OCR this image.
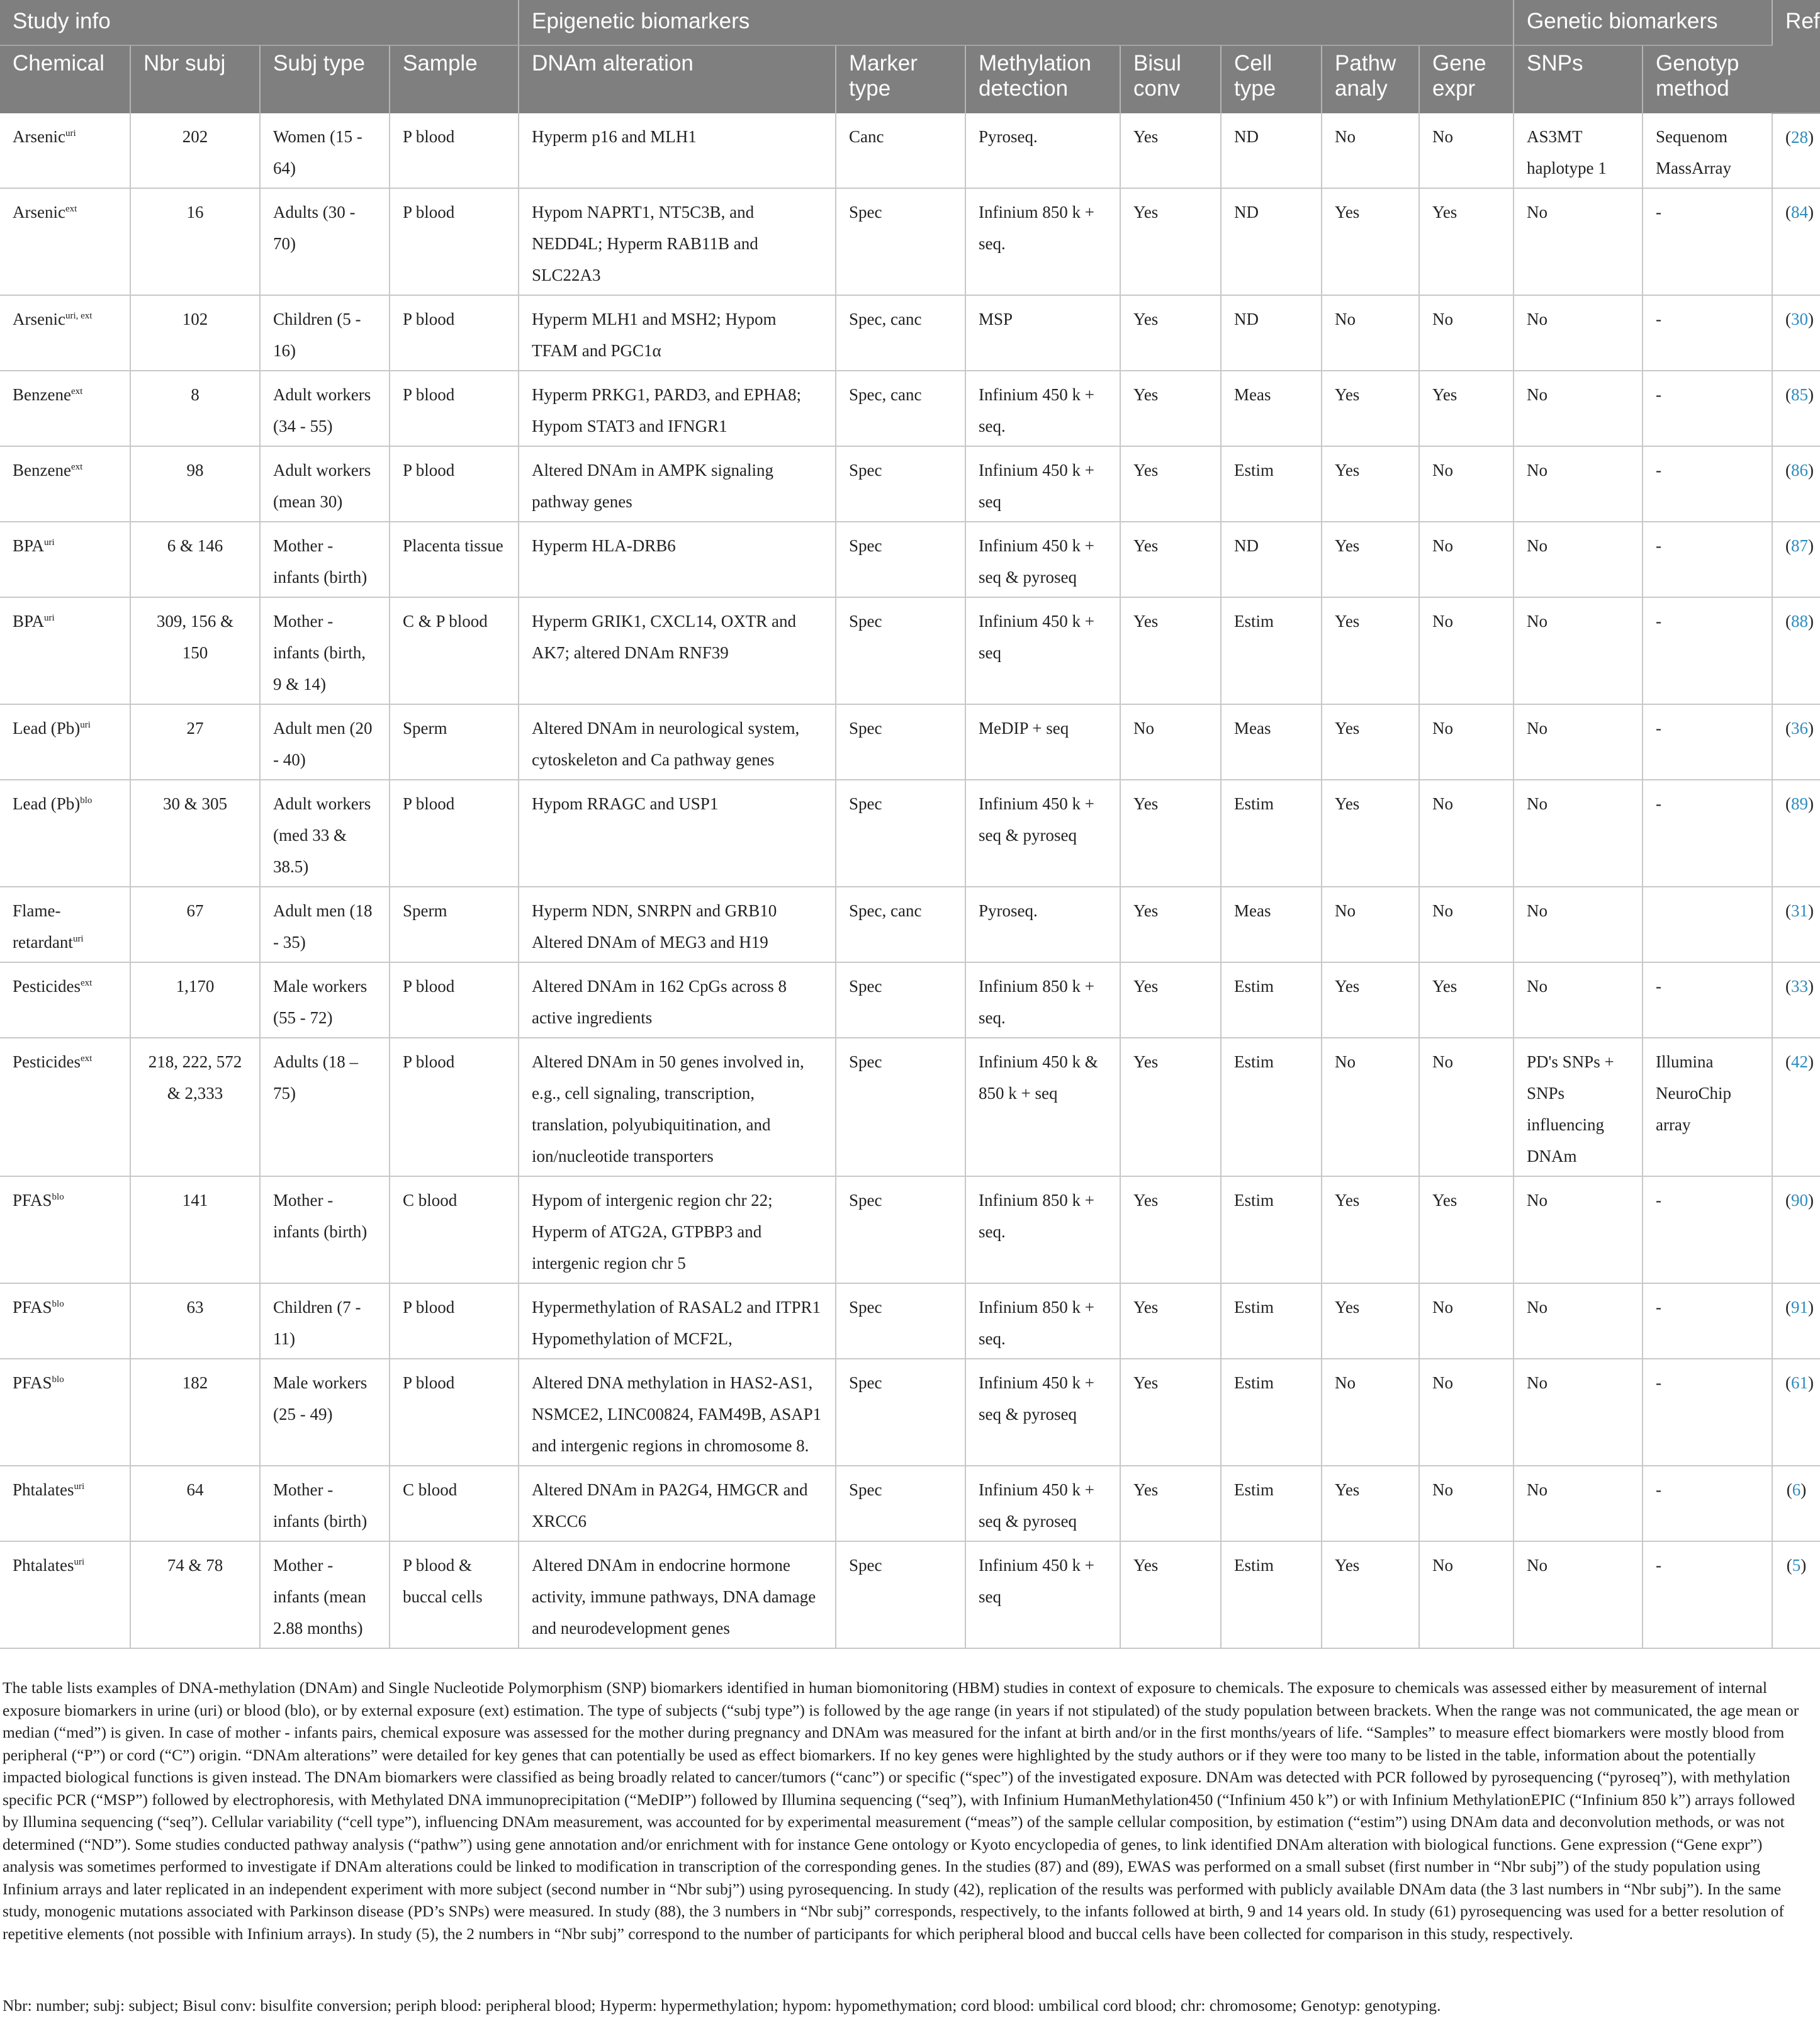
Study info				Epigenetic biomarkers							Genetic biomarkers		Ref
Chemical	Nbr subj	Subj type	Sample	DNAm alteration	Marker type	Methylation detection	Bisul conv	Cell type	Pathw analy	Gene expr	SNPs	Genotyp method	
Arsenic$^{uri}$	202	Women (15 - 64)	P blood	Hyperm p16 and MLH1	Canc	Pyroseq.	Yes	ND	No	No	AS3MT haplotype 1	Sequenom MassArray	(28)
Arsenic$^{ext}$	16	Adults (30 - 70)	P blood	Hypom NAPRT1, NT5C3B, and NEDD4L; Hyperm RAB11B and SLC22A3	Spec	Infinium 850 k + seq.	Yes	ND	Yes	Yes	No	-	(84)
Arsenic$^{uri, ext}$	102	Children (5 - 16)	P blood	Hyperm MLH1 and MSH2; Hypom TFAM and PGC1α	Spec, canc	MSP	Yes	ND	No	No	No	-	(30)
Benzene$^{ext}$	8	Adult workers (34 - 55)	P blood	Hyperm PRKG1, PARD3, and EPHA8; Hypom STAT3 and IFNGR1	Spec, canc	Infinium 450 k + seq.	Yes	Meas	Yes	Yes	No	-	(85)
Benzene$^{ext}$	98	Adult workers (mean 30)	P blood	Altered DNAm in AMPK signaling pathway genes	Spec	Infinium 450 k + seq	Yes	Estim	Yes	No	No	-	(86)
$BPA^{uri}$	6 & 146	Mother - infants (birth)	Placenta tissue	Hyperm HLA-DRB6	Spec	Infinium 450 k + seq & pyroseq	Yes	ND	Yes	No	No	-	(87)
$BPA^{uri}$	309, 156 & 150	Mother - infants (birth, 9 & 14)	C & P blood	Hyperm GRIK1, CXCL14, OXTR and AK7; altered DNAm RNF39	Spec	Infinium 450 k + seq	Yes	Estim	Yes	No	No	-	(88)
Lead $(Pb)^{uri}$	27	Adult men (20 - 40)	Sperm	Altered DNAm in neurological system, cytoskeleton and Ca pathway genes	Spec	MeDIP + seq	No	Meas	Yes	No	No	-	(36)
Lead $(Pb)^{blo}$	30 & 305	Adult workers (med 33 & 38.5)	P blood	Hypom RRAGC and USP1	Spec	Infinium 450 k + seq & pyroseq	Yes	Estim	Yes	No	No	-	(89)
Flame-retardant$^{uri}$	67	Adult men (18 - 35)	Sperm	Hyperm NDN, SNRPN and GRB10 Altered DNAm of MEG3 and H19	Spec, canc	Pyroseq.	Yes	Meas	No	No	No		(31)
Pesticides$^{ext}$	1,170	Male workers (55 - 72)	P blood	Altered DNAm in 162 CpGs across 8 active ingredients	Spec	Infinium 850 k + seq.	Yes	Estim	Yes	Yes	No	-	(33)
Pesticides$^{ext}$	218, 222, 572 & 2,333	Adults (18 – 75)	P blood	Altered DNAm in 50 genes involved in, e.g., cell signaling, transcription, translation, polyubiquitination, and ion/nucleotide transporters	Spec	Infinium 450 k & 850 k + seq	Yes	Estim	No	No	PD's SNPs + SNPs influencing DNAm	Illumina NeuroChip array	(42)
$PFAS^{blo}$	141	Mother - infants (birth)	C blood	Hypom of intergenic region chr 22; Hyperm of ATG2A, GTPBP3 and intergenic region chr 5	Spec	Infinium 850 k + seq.	Yes	Estim	Yes	Yes	No	-	(90)
$PFAS^{blo}$	63	Children (7 - 11)	P blood	Hypermethylation of RASAL2 and ITPR1 Hypomethylation of MCF2L,	Spec	Infinium 850 k + seq.	Yes	Estim	Yes	No	No	-	(91)
$PFAS^{blo}$	182	Male workers (25 - 49)	P blood	Altered DNA methylation in HAS2-AS1, NSMCE2, LINC00824, FAM49B, ASAP1 and intergenic regions in chromosome 8.	Spec	Infinium 450 k + seq & pyroseq	Yes	Estim	No	No	No	-	(61)
Phtalates$^{uri}$	64	Mother - infants (birth)	C blood	Altered DNAm in PA2G4, HMGCR and XRCC6	Spec	Infinium 450 k + seq & pyroseq	Yes	Estim	Yes	No	No	-	(6)
Phtalates$^{uri}$	74 & 78	Mother - infants (mean 2.88 months)	P blood & buccal cells	Altered DNAm in endocrine hormone activity, immune pathways, DNA damage and neurodevelopment genes	Spec	Infinium 450 k + seq	Yes	Estim	Yes	No	No	-	(5)

The table lists examples of DNA-methylation (DNAm) and Single Nucleotide Polymorphism (SNP) biomarkers identified in human biomonitoring (HBM) studies in context of exposure to chemicals. The exposure to chemicals was assessed either by measurement of internal exposure biomarkers in urine (uri) or blood (blo), or by external exposure (ext) estimation. The type of subjects (“subj type”) is followed by the age range (in years if not stipulated) of the study population between brackets. When the range was not communicated, the age mean or median (“med”) is given. In case of mother - infants pairs, chemical exposure was assessed for the mother during pregnancy and DNAm was measured for the infant at birth and/or in the first months/years of life. “Samples” to measure effect biomarkers were mostly blood from peripheral (“P”) or cord (“C”) origin. “DNAm alterations” were detailed for key genes that can potentially be used as effect biomarkers. If no key genes were highlighted by the study authors or if they were too many to be listed in the table, information about the potentially impacted biological functions is given instead. The DNAm biomarkers were classified as being broadly related to cancer/tumors (“canc”) or specific (“spec”) of the investigated exposure. DNAm was detected with PCR followed by pyrosequencing (“pyroseq”), with methylation specific PCR (“MSP”) followed by electrophoresis, with Methylated DNA immunoprecipitation (“MeDIP”) followed by Illumina sequencing (“seq”), with Infinium HumanMethylation450 (“Infinium 450 k”) or with Infinium MethylationEPIC (“Infinium 850 k”) arrays followed by Illumina sequencing (“seq”). Cellular variability (“cell type”), influencing DNAm measurement, was accounted for by experimental measurement (“meas”) of the sample cellular composition, by estimation (“estim”) using DNAm data and deconvolution methods, or was not determined (“ND”). Some studies conducted pathway analysis (“pathw”) using gene annotation and/or enrichment with for instance Gene ontology or Kyoto encyclopedia of genes, to link identified DNAm alteration with biological functions. Gene expression (“Gene expr”) analysis was sometimes performed to investigate if DNAm alterations could be linked to modification in transcription of the corresponding genes. In the studies (87) and (89), EWAS was performed on a small subset (first number in “Nbr subj”) of the study population using Infinium arrays and later replicated in an independent experiment with more subject (second number in “Nbr subj”) using pyrosequencing. In study (42), replication of the results was performed with publicly available DNAm data (the 3 last numbers in “Nbr subj”). In the same study, monogenic mutations associated with Parkinson disease (PD’s SNPs) were measured. In study (88), the 3 numbers in “Nbr subj” corresponds, respectively, to the infants followed at birth, 9 and 14 years old. In study (61) pyrosequencing was used for a better resolution of repetitive elements (not possible with Infinium arrays). In study (5), the 2 numbers in “Nbr subj” correspond to the number of participants for which peripheral blood and buccal cells have been collected for comparison in this study, respectively.

Nbr: number; subj: subject; Bisul conv: bisulfite conversion; periph blood: peripheral blood; Hyperm: hypermethylation; hypom: hypomethymation; cord blood: umbilical cord blood; chr: chromosome; Genotyp: genotyping.
